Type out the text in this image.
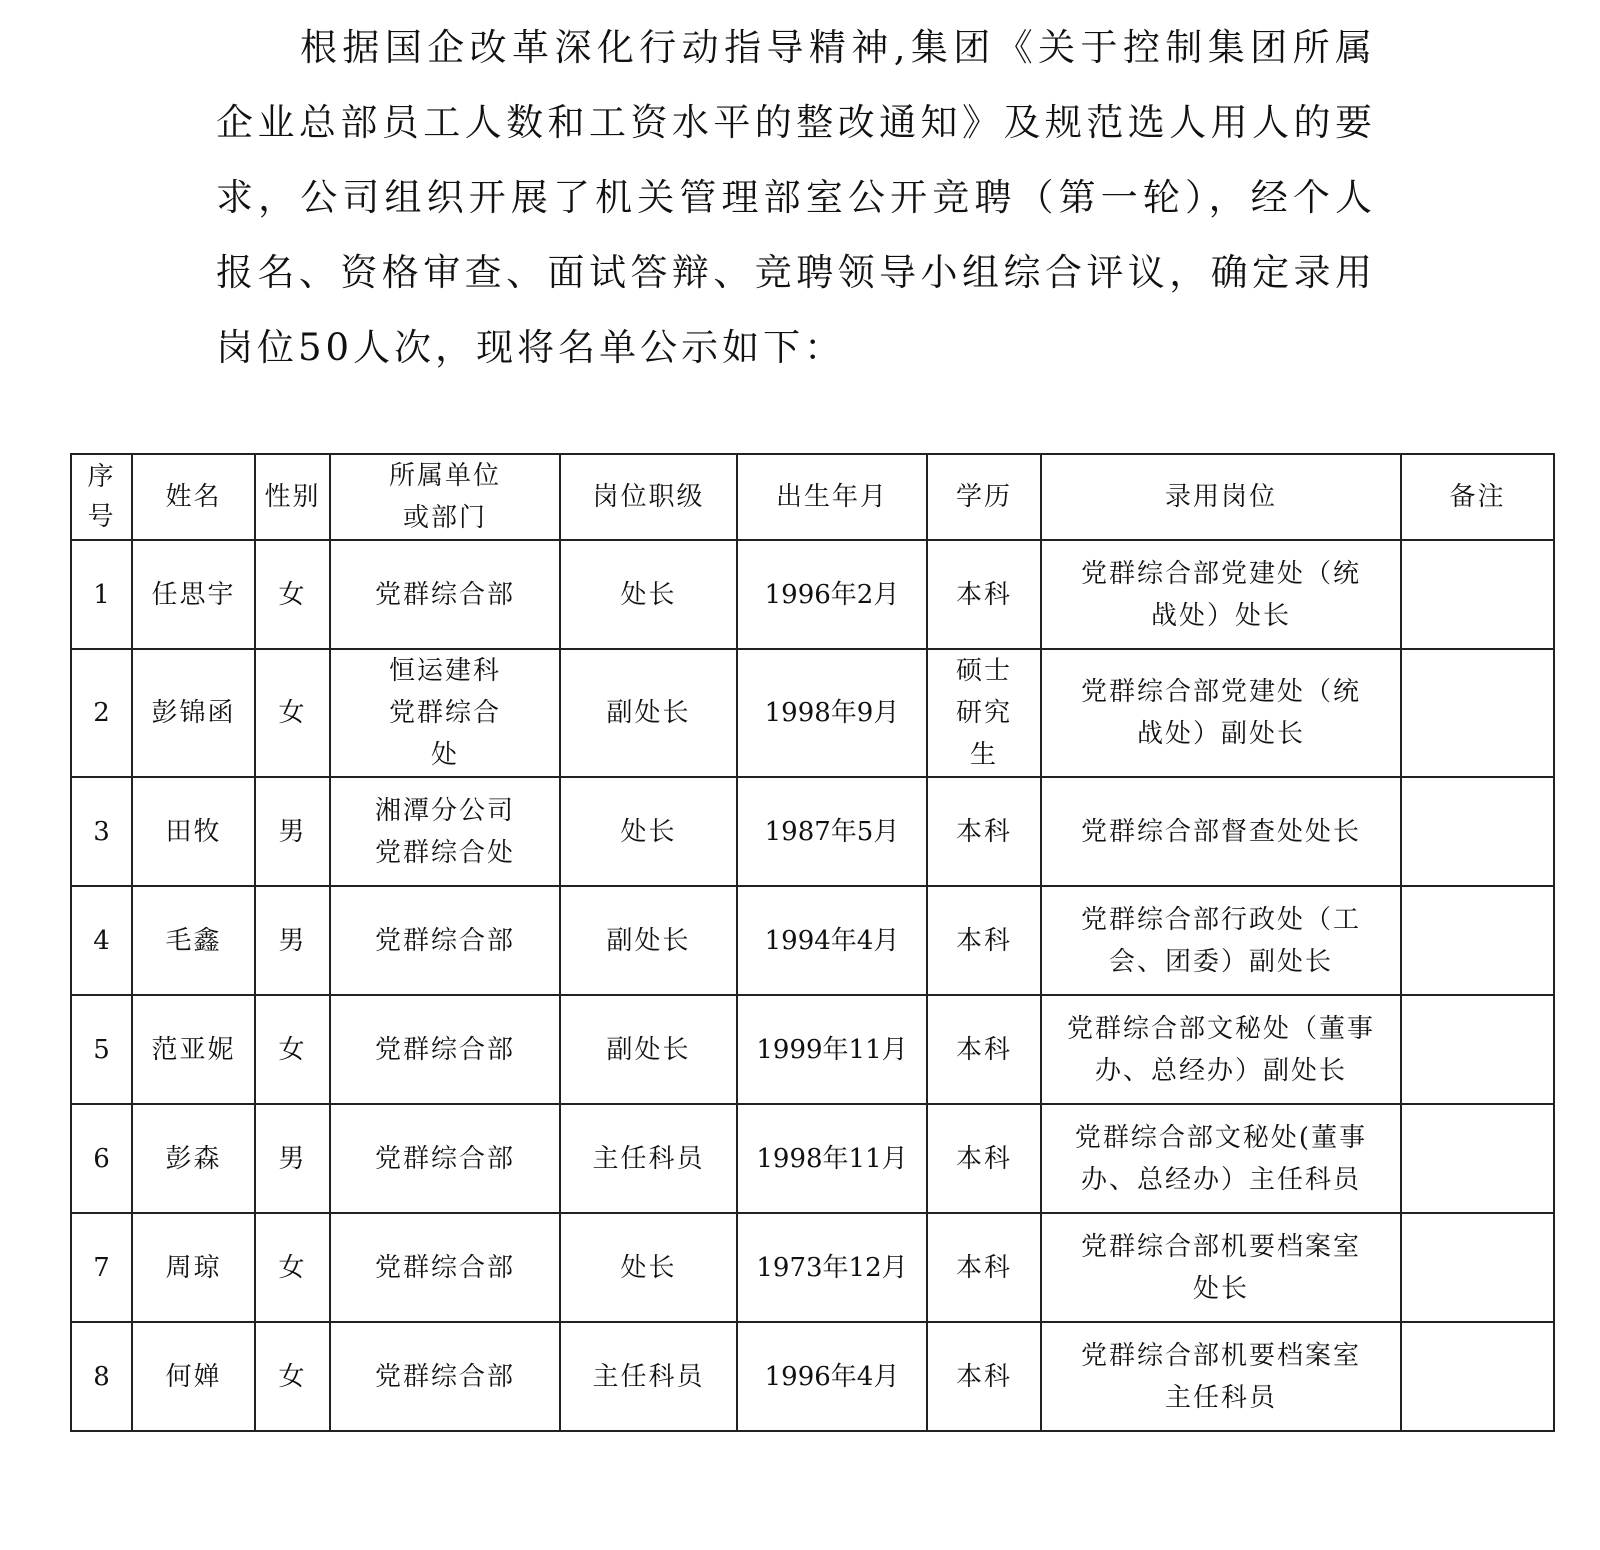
根据国企改革深化行动指导精神,集团《关于控制集团所属企业总部员工人数和工资水平的整改通知》及规范选人用人的要求，公司组织开展了机关管理部室公开竞聘（第一轮），经个人报名、资格审查、面试答辩、竞聘领导小组综合评议，确定录用岗位50人次，现将名单公示如下：

序号	姓名	性别	所属单位或部门	岗位职级	出生年月	学历	录用岗位	备注
1	任思宇	女	党群综合部	处长	1996年2月	本科	党群综合部党建处（统战处）处长	
2	彭锦函	女	恒运建科党群综合处	副处长	1998年9月	硕士研究生	党群综合部党建处（统战处）副处长	
3	田牧	男	湘潭分公司党群综合处	处长	1987年5月	本科	党群综合部督查处处长	
4	毛鑫	男	党群综合部	副处长	1994年4月	本科	党群综合部行政处（工会、团委）副处长	
5	范亚妮	女	党群综合部	副处长	1999年11月	本科	党群综合部文秘处（董事办、总经办）副处长	
6	彭森	男	党群综合部	主任科员	1998年11月	本科	党群综合部文秘处(董事办、总经办）主任科员	
7	周琼	女	党群综合部	处长	1973年12月	本科	党群综合部机要档案室处长	
8	何婵	女	党群综合部	主任科员	1996年4月	本科	党群综合部机要档案室主任科员	
